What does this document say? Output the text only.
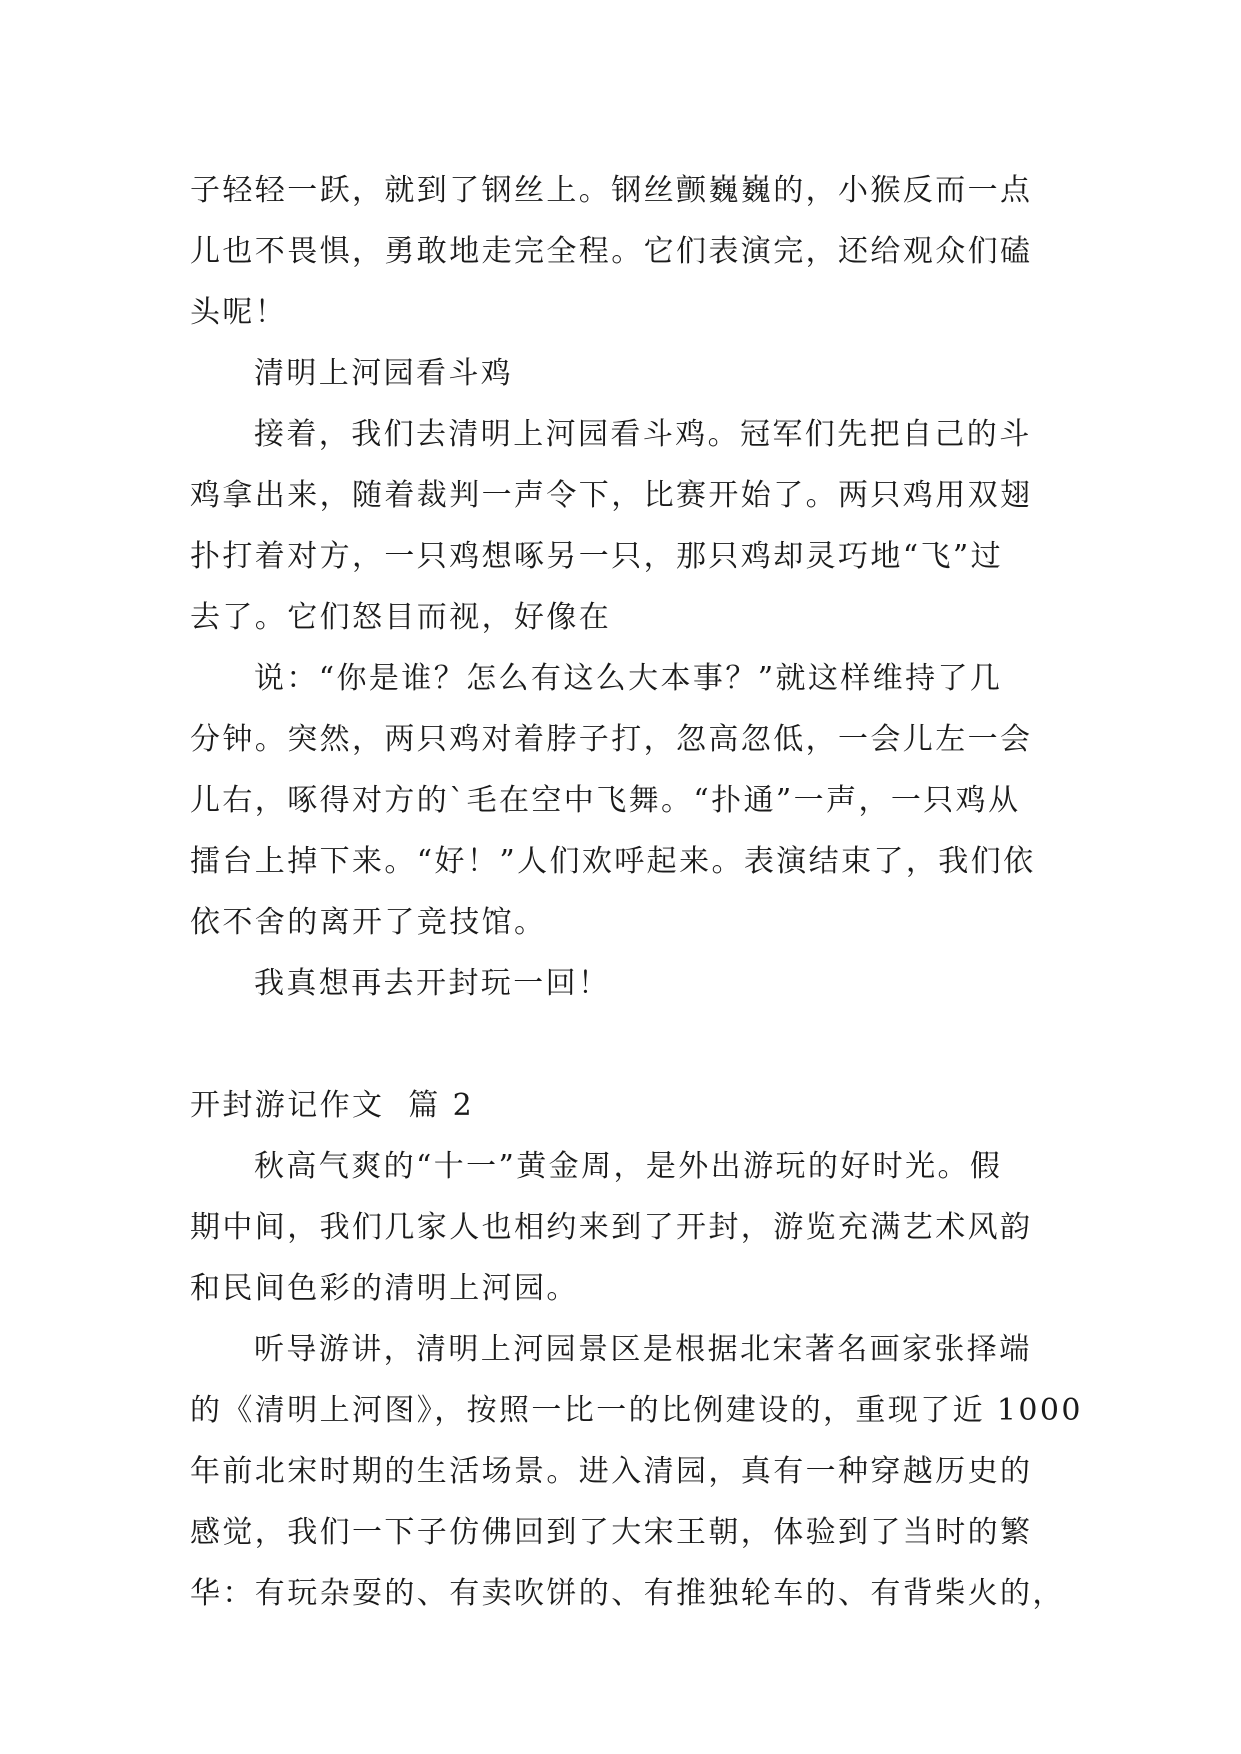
子轻轻一跃，就到了钢丝上。钢丝颤巍巍的，小猴反而一点
儿也不畏惧，勇敢地走完全程。它们表演完，还给观众们磕
头呢！

清明上河园看斗鸡

接着，我们去清明上河园看斗鸡。冠军们先把自己的斗
鸡拿出来，随着裁判一声令下，比赛开始了。两只鸡用双翅
扑打着对方，一只鸡想啄另一只，那只鸡却灵巧地“飞”过
去了。它们怒目而视，好像在
说：“你是谁？怎么有这么大本事？”就这样维持了几
分钟。突然，两只鸡对着脖子打，忽高忽低，一会儿左一会
儿右，啄得对方的`毛在空中飞舞。“扑通”一声，一只鸡从
擂台上掉下来。“好！”人们欢呼起来。表演结束了，我们依
依不舍的离开了竞技馆。

我真想再去开封玩一回！

开封游记作文  篇 2

秋高气爽的“十一”黄金周，是外出游玩的好时光。假
期中间，我们几家人也相约来到了开封，游览充满艺术风韵
和民间色彩的清明上河园。
听导游讲，清明上河园景区是根据北宋著名画家张择端
的《清明上河图》，按照一比一的比例建设的，重现了近 1000
年前北宋时期的生活场景。进入清园，真有一种穿越历史的
感觉，我们一下子仿佛回到了大宋王朝，体验到了当时的繁
华：有玩杂耍的、有卖吹饼的、有推独轮车的、有背柴火的，
